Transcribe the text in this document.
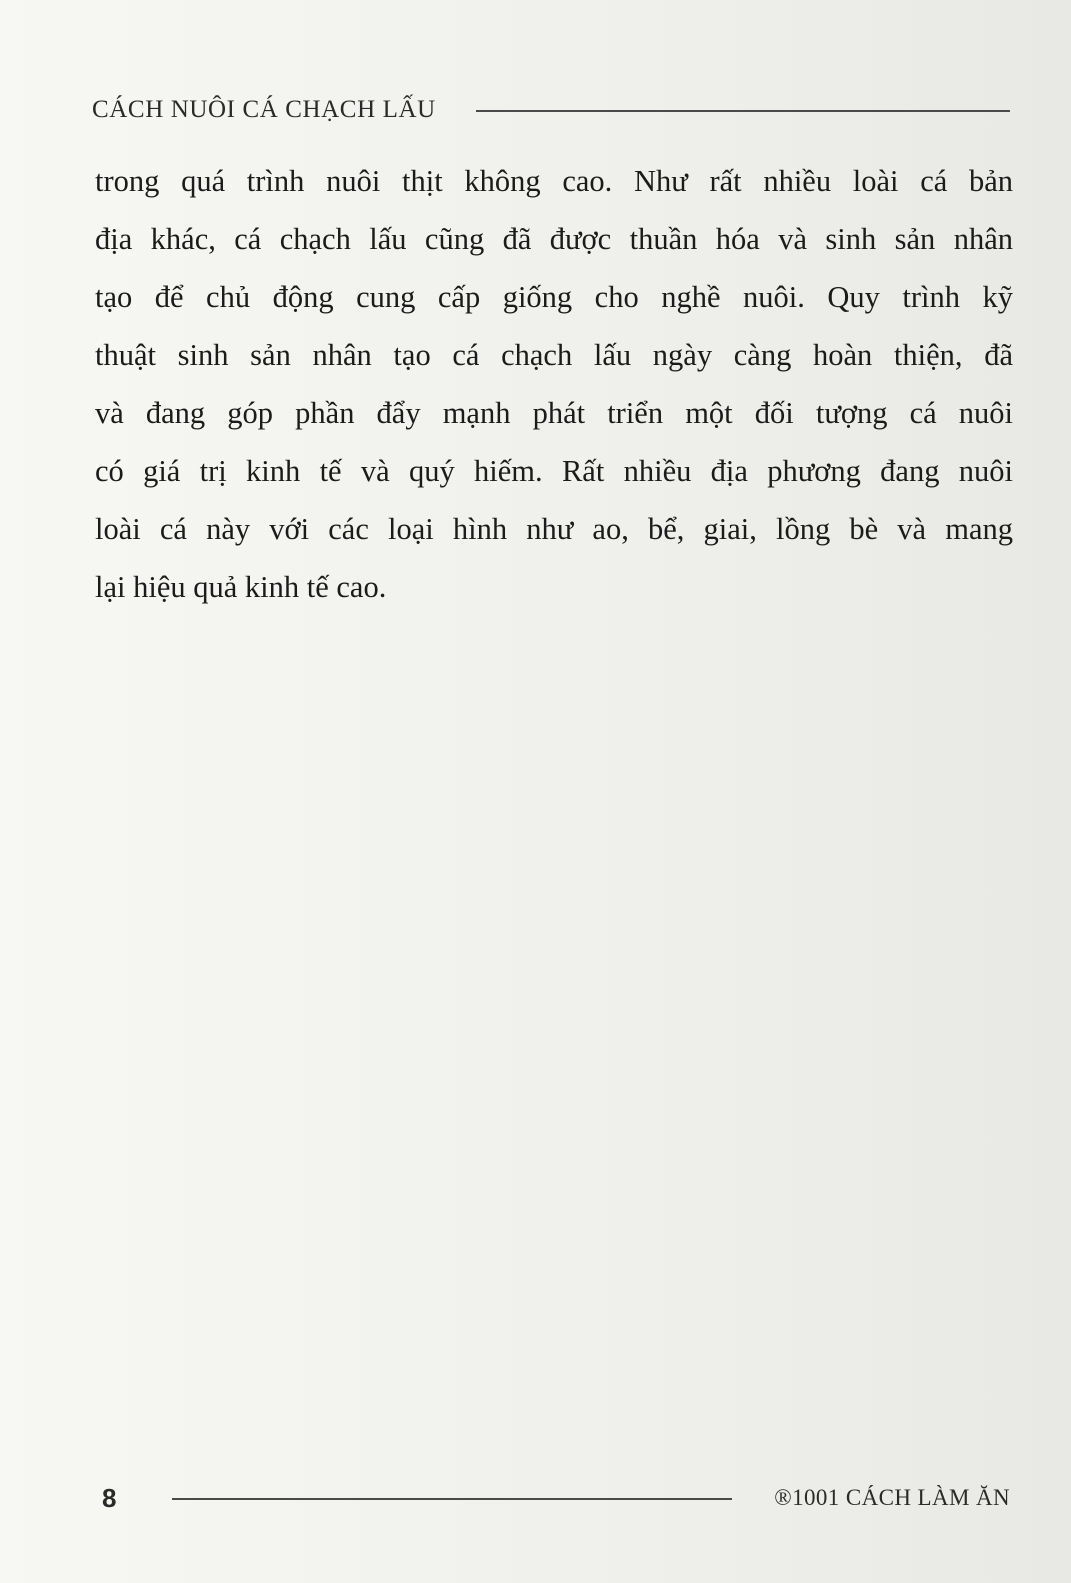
CÁCH NUÔI CÁ CHẠCH LẤU
trong quá trình nuôi thịt không cao. Như rất nhiều loài cá bản
địa khác, cá chạch lấu cũng đã được thuần hóa và sinh sản nhân
tạo để chủ động cung cấp giống cho nghề nuôi. Quy trình kỹ
thuật sinh sản nhân tạo cá chạch lấu ngày càng hoàn thiện, đã
và đang góp phần đẩy mạnh phát triển một đối tượng cá nuôi
có giá trị kinh tế và quý hiếm. Rất nhiều địa phương đang nuôi
loài cá này với các loại hình như ao, bể, giai, lồng bè và mang
lại hiệu quả kinh tế cao.
8	®1001 CÁCH LÀM ĂN
